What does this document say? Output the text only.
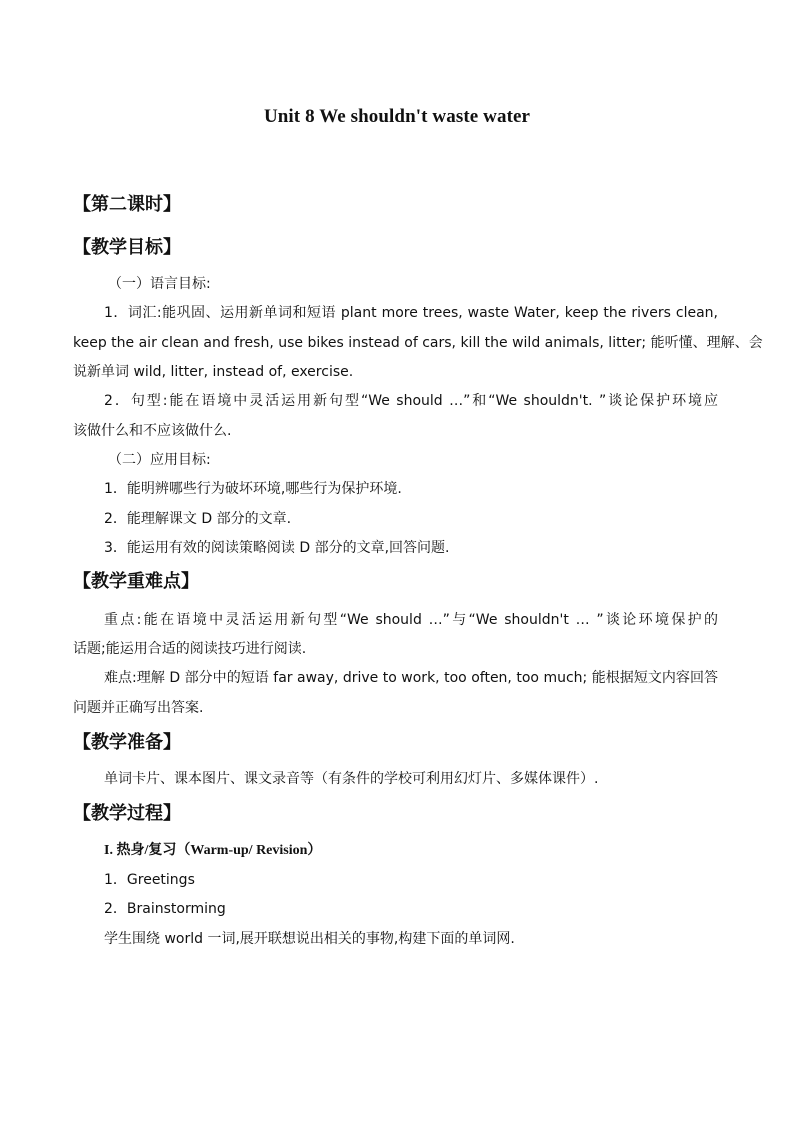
Unit 8 We shouldn't waste water
【第二课时】
【教学目标】
（一）语言目标:
1．词汇:能巩固、运用新单词和短语 plant more trees, waste Water, keep the rivers clean,
keep the air clean and fresh, use bikes instead of cars, kill the wild animals, litter; 能听懂、理解、会
说新单词 wild, litter, instead of, exercise.
2．句型:能在语境中灵活运用新句型“We should …”和“We shouldn't. ”谈论保护环境应
该做什么和不应该做什么.
（二）应用目标:
1．能明辨哪些行为破坏环境,哪些行为保护环境.
2．能理解课文 D 部分的文章.
3．能运用有效的阅读策略阅读 D 部分的文章,回答问题.
【教学重难点】
重点:能在语境中灵活运用新句型“We should …”与“We shouldn't … ”谈论环境保护的
话题;能运用合适的阅读技巧进行阅读.
难点:理解 D 部分中的短语 far away, drive to work, too often, too much; 能根据短文内容回答
问题并正确写出答案.
【教学准备】
单词卡片、课本图片、课文录音等（有条件的学校可利用幻灯片、多媒体课件）.
【教学过程】
I. 热身/复习（Warm-up/ Revision）
1．Greetings
2．Brainstorming
学生围绕 world 一词,展开联想说出相关的事物,构建下面的单词网.
